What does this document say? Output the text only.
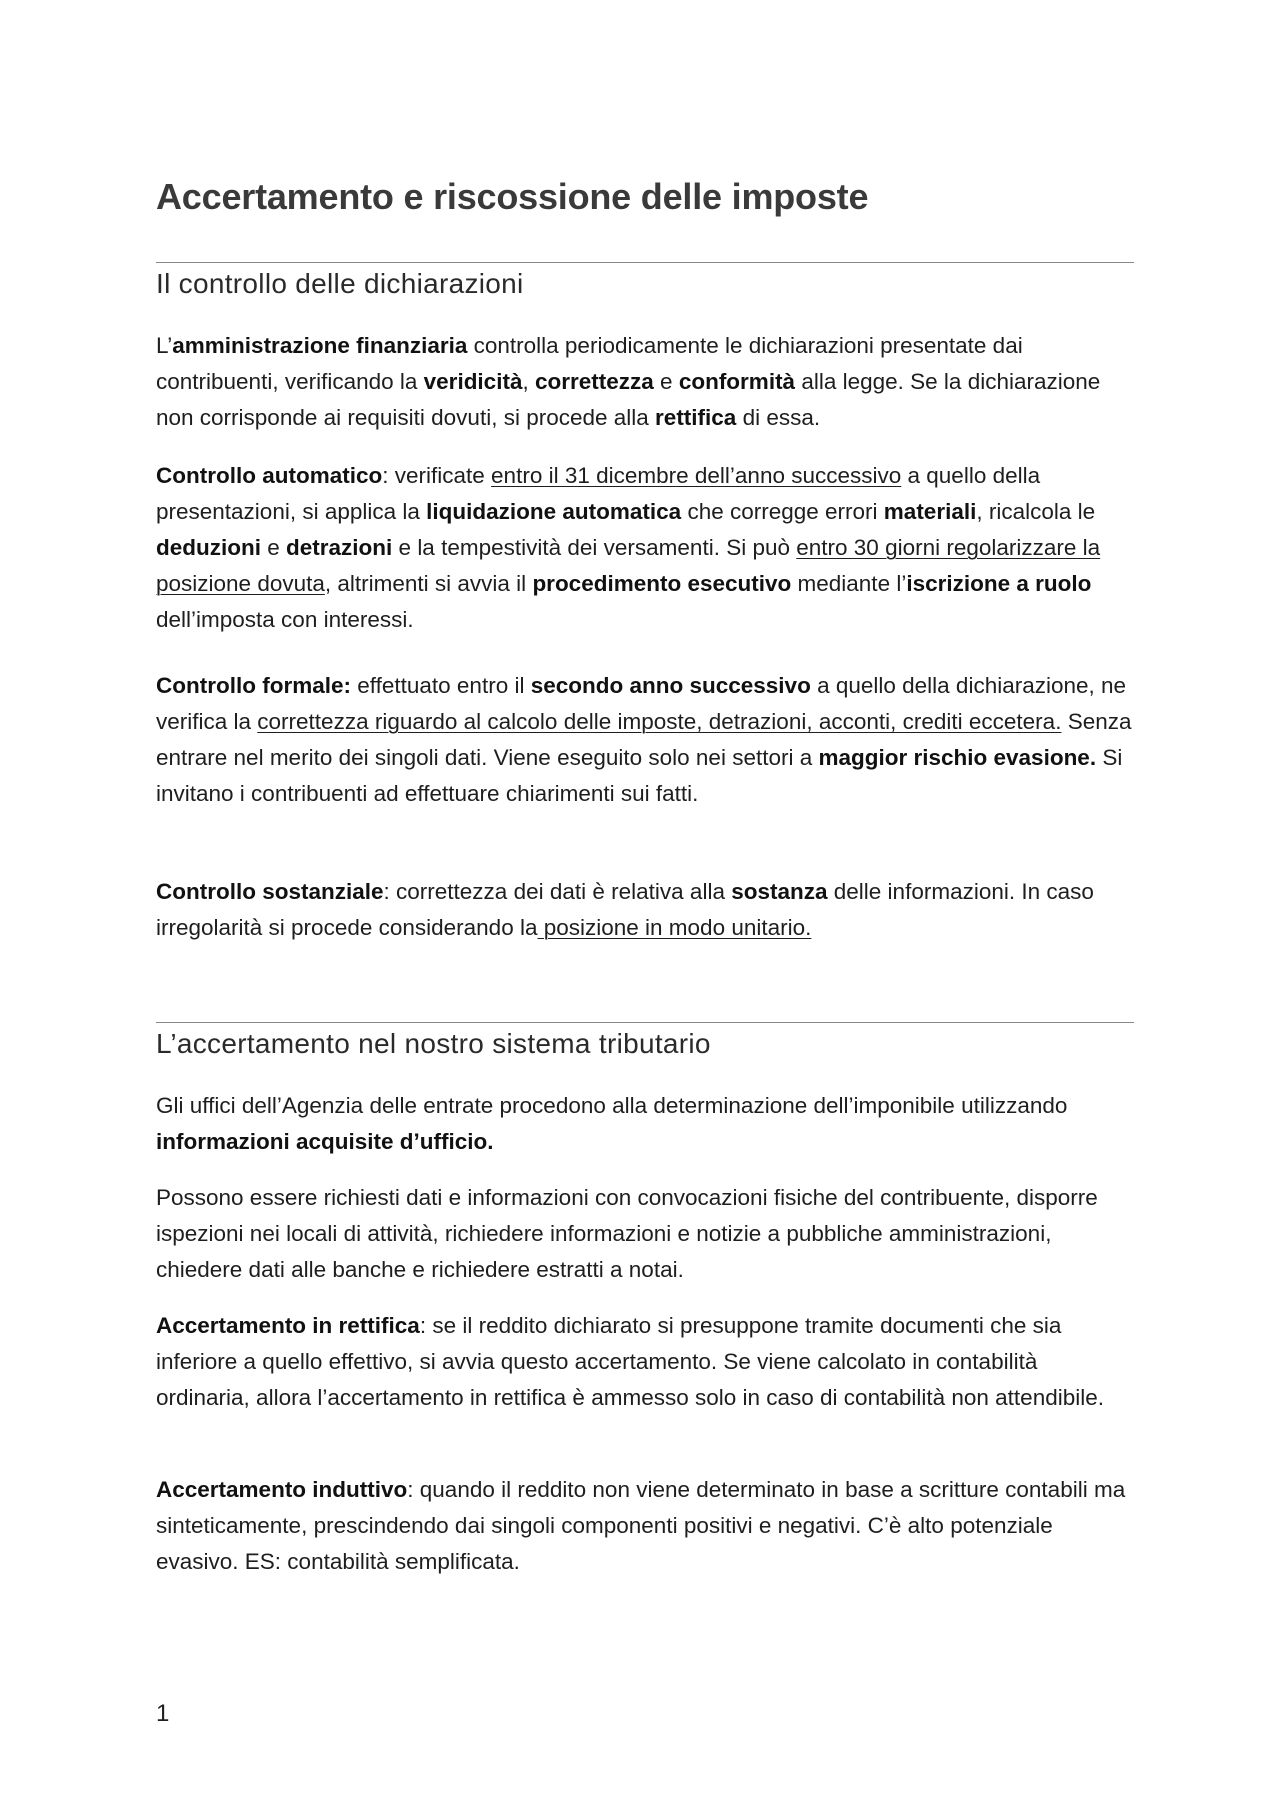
Accertamento e riscossione delle imposte
Il controllo delle dichiarazioni

L’amministrazione finanziaria controlla periodicamente le dichiarazioni presentate dai contribuenti, verificando la veridicità, correttezza e conformità alla legge. Se la dichiarazione non corrisponde ai requisiti dovuti, si procede alla rettifica di essa.

Controllo automatico: verificate entro il 31 dicembre dell’anno successivo a quello della presentazioni, si applica la liquidazione automatica che corregge errori materiali, ricalcola le deduzioni e detrazioni e la tempestività dei versamenti. Si può entro 30 giorni regolarizzare la posizione dovuta, altrimenti si avvia il procedimento esecutivo mediante l’iscrizione a ruolo dell’imposta con interessi.

Controllo formale: effettuato entro il secondo anno successivo a quello della dichiarazione, ne verifica la correttezza riguardo al calcolo delle imposte, detrazioni, acconti, crediti eccetera. Senza entrare nel merito dei singoli dati. Viene eseguito solo nei settori a maggior rischio evasione. Si invitano i contribuenti ad effettuare chiarimenti sui fatti.

Controllo sostanziale: correttezza dei dati è relativa alla sostanza delle informazioni. In caso irregolarità si procede considerando la posizione in modo unitario.

L’accertamento nel nostro sistema tributario

Gli uffici dell’Agenzia delle entrate procedono alla determinazione dell’imponibile utilizzando informazioni acquisite d’ufficio.

Possono essere richiesti dati e informazioni con convocazioni fisiche del contribuente, disporre ispezioni nei locali di attività, richiedere informazioni e notizie a pubbliche amministrazioni, chiedere dati alle banche e richiedere estratti a notai.

Accertamento in rettifica: se il reddito dichiarato si presuppone tramite documenti che sia inferiore a quello effettivo, si avvia questo accertamento. Se viene calcolato in contabilità ordinaria, allora l’accertamento in rettifica è ammesso solo in caso di contabilità non attendibile.

Accertamento induttivo: quando il reddito non viene determinato in base a scritture contabili ma sinteticamente, prescindendo dai singoli componenti positivi e negativi. C’è alto potenziale evasivo. ES: contabilità semplificata.

1
